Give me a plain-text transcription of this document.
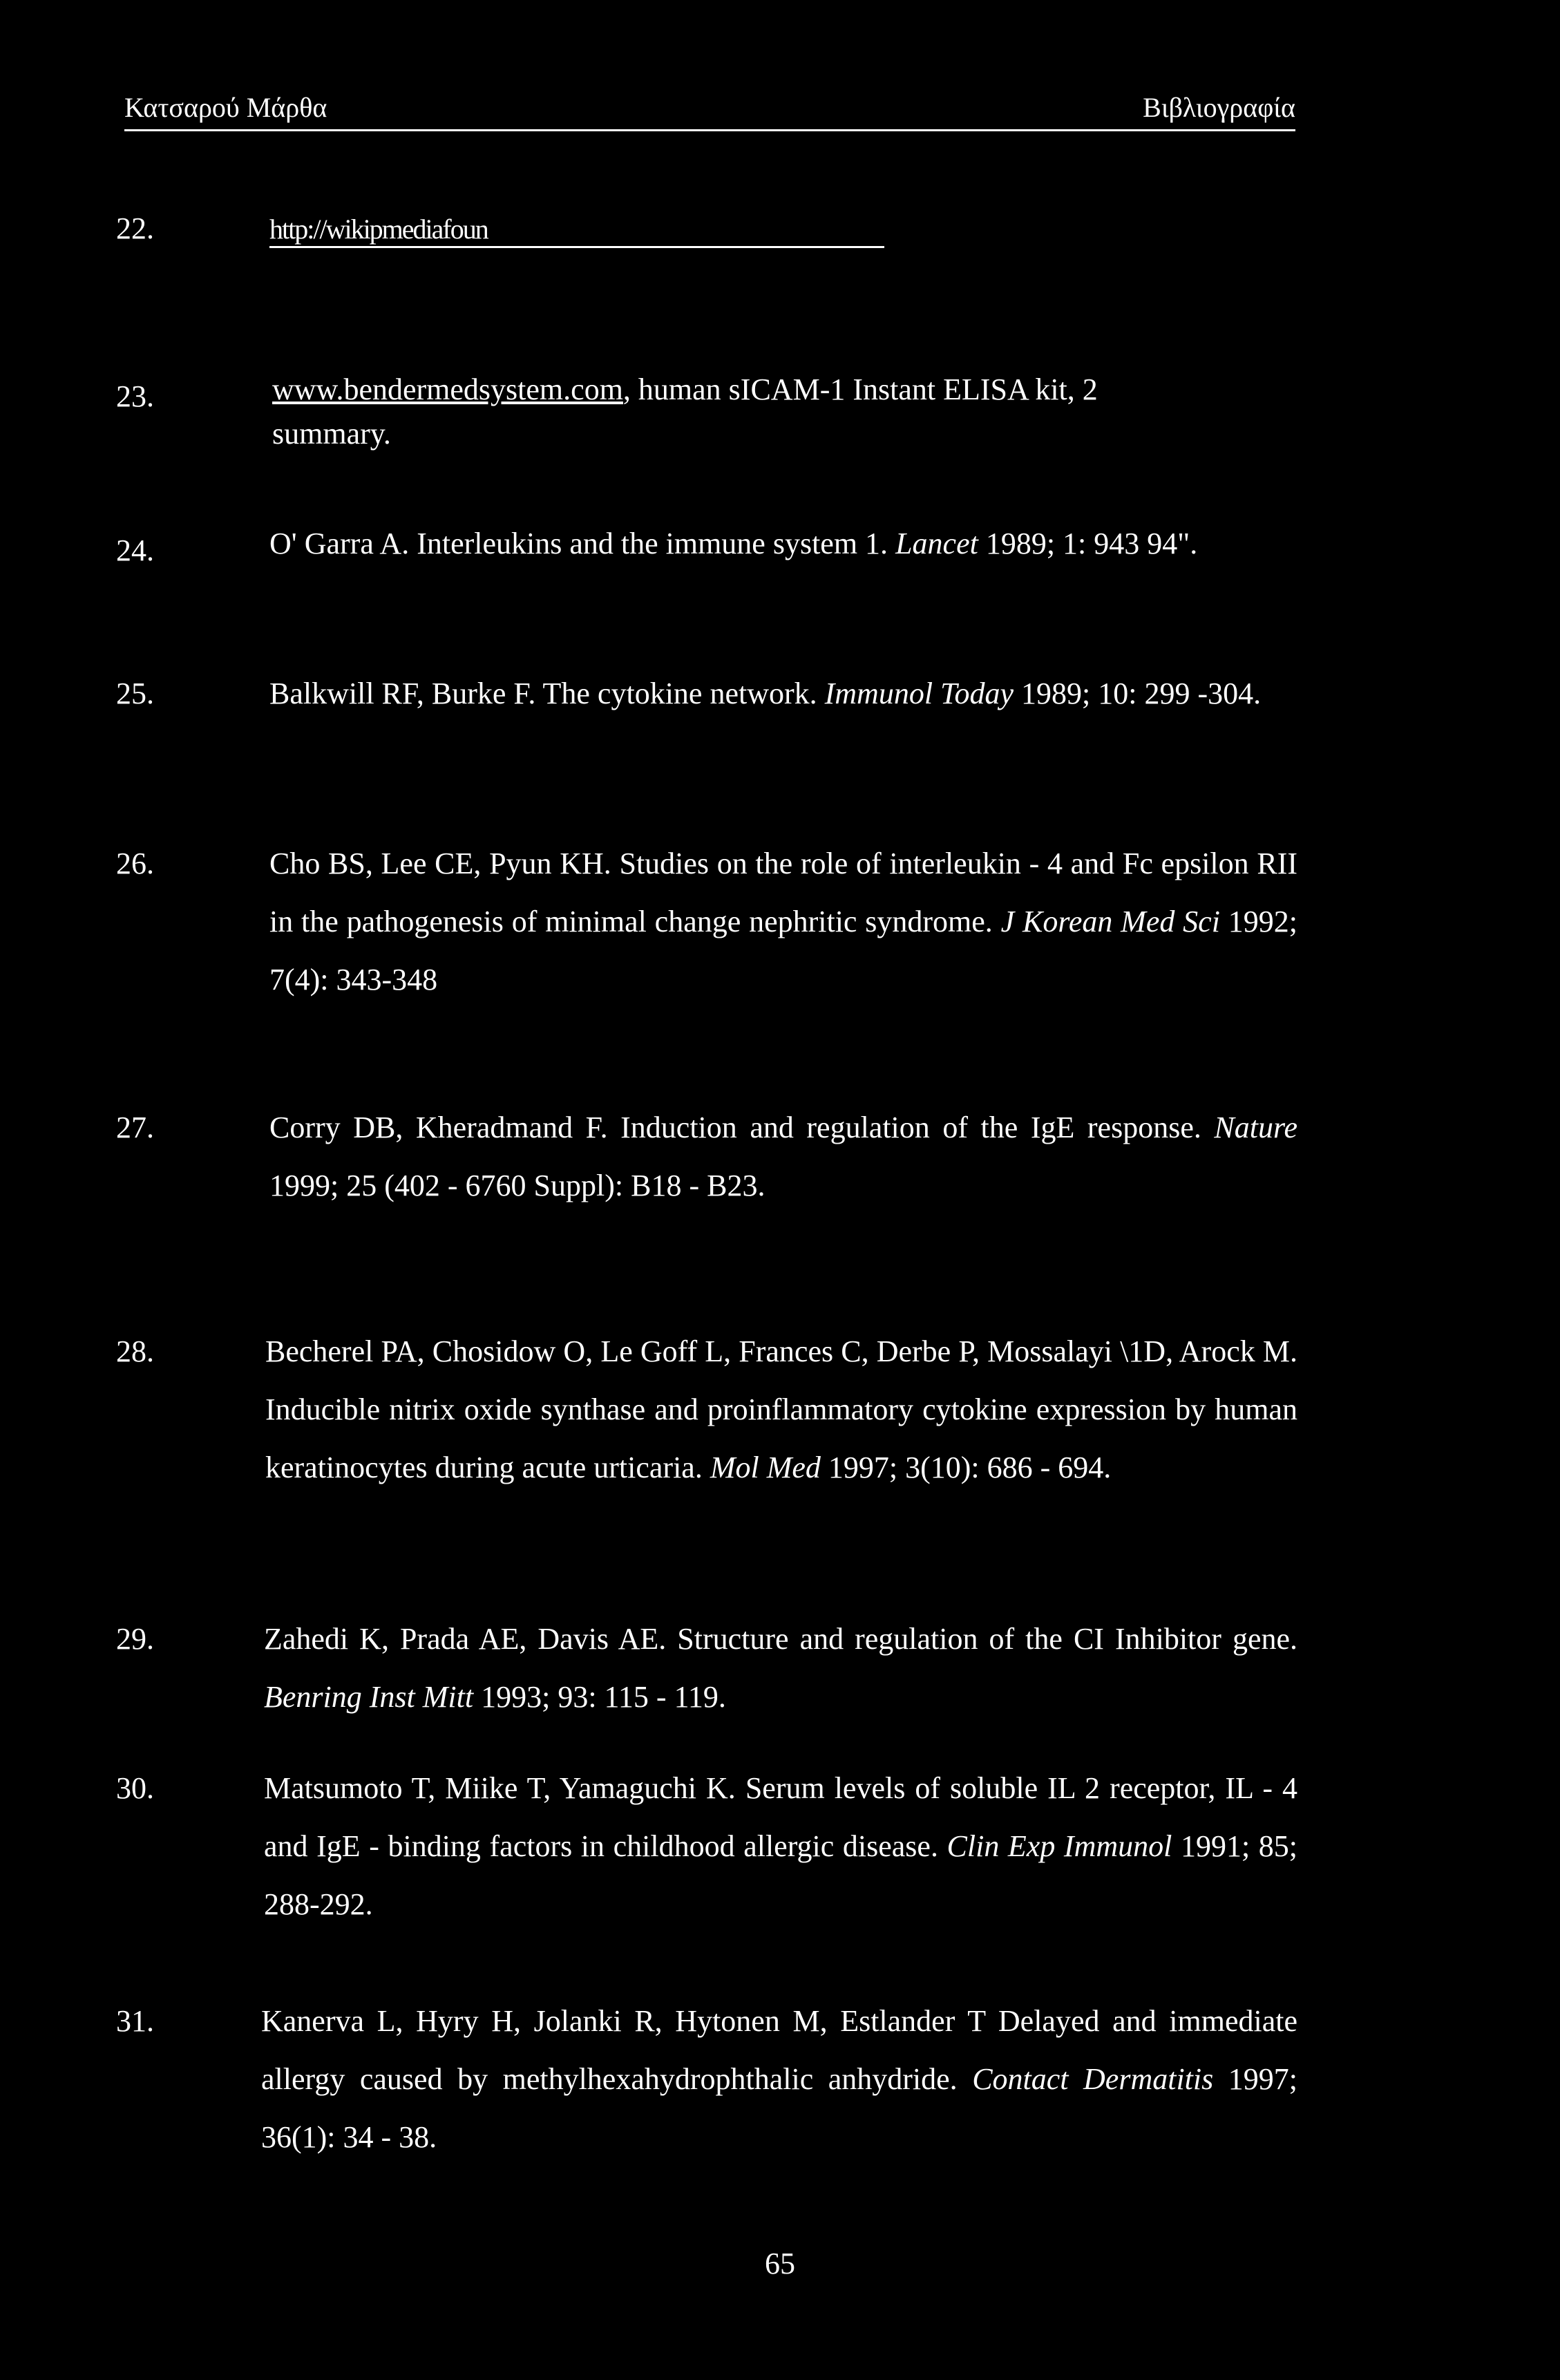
Κατσαρού Μάρθα	Βιβλιογραφία
22.	http://wikipmediafoun
23.	www.bendermedsystem.com, human sICAM-1 Instant ELISA kit, 2 summary.
24.	O' Garra A. Interleukins and the immune system 1. Lancet 1989; 1: 943 94".
25.	Balkwill RF, Burke F. The cytokine network. Immunol Today 1989; 10: 299 -304.
26.	Cho BS, Lee CE, Pyun KH. Studies on the role of interleukin - 4 and Fc epsilon RII in the pathogenesis of minimal change nephritic syndrome. J Korean Med Sci 1992; 7(4): 343-348
27.	Corry DB, Kheradmand F. Induction and regulation of the IgE response. Nature 1999; 25 (402 - 6760 Suppl): B18 - B23.
28.	Becherel PA, Chosidow O, Le Goff L, Frances C, Derbe P, Mossalayi \1D, Arock M. Inducible nitrix oxide synthase and proinflammatory cytokine expression by human keratinocytes during acute urticaria. Mol Med 1997; 3(10): 686 - 694.
29.	Zahedi K, Prada AE, Davis AE. Structure and regulation of the CI Inhibitor gene. Benring Inst Mitt 1993; 93: 115 - 119.
30.	Matsumoto T, Miike T, Yamaguchi K. Serum levels of soluble IL 2 receptor, IL - 4 and IgE - binding factors in childhood allergic disease. Clin Exp Immunol 1991; 85; 288-292.
31.	Kanerva L, Hyry H, Jolanki R, Hytonen M, Estlander T Delayed and immediate allergy caused by methylhexahydrophthalic anhydride. Contact Dermatitis 1997; 36(1): 34 - 38.
65
